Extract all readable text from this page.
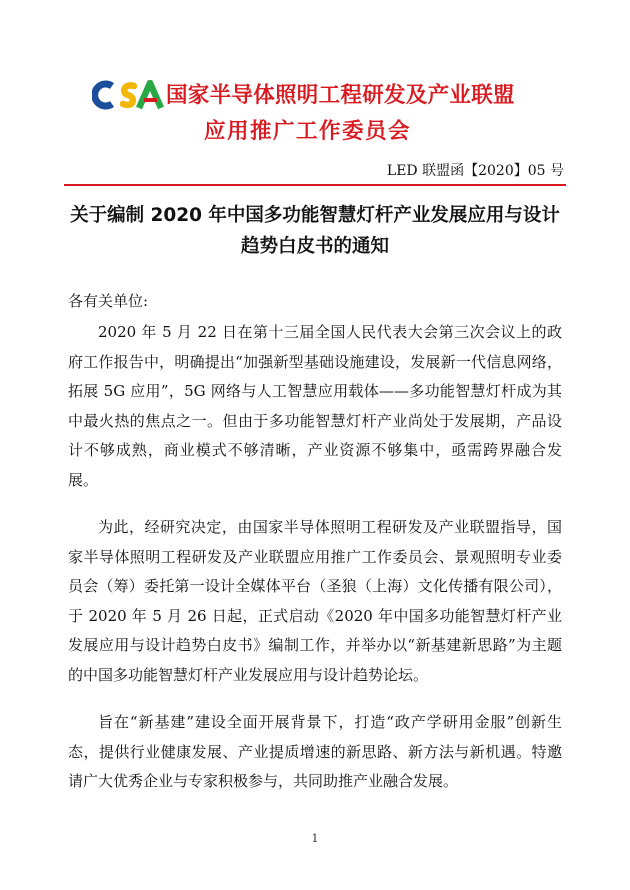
国家半导体照明工程研发及产业联盟
应用推广工作委员会
LED 联盟函【2020】05 号
关于编制 2020 年中国多功能智慧灯杆产业发展应用与设计
趋势白皮书的通知
各有关单位:
2020 年 5 月 22 日在第十三届全国人民代表大会第三次会议上的政府工作报告中，明确提出“加强新型基础设施建设，发展新一代信息网络，拓展 5G 应用”，5G 网络与人工智慧应用载体——多功能智慧灯杆成为其中最火热的焦点之一。但由于多功能智慧灯杆产业尚处于发展期，产品设计不够成熟，商业模式不够清晰，产业资源不够集中，亟需跨界融合发展。
为此，经研究决定，由国家半导体照明工程研发及产业联盟指导，国家半导体照明工程研发及产业联盟应用推广工作委员会、景观照明专业委员会（筹）委托第一设计全媒体平台（圣狼（上海）文化传播有限公司），于 2020 年 5 月 26 日起，正式启动《2020 年中国多功能智慧灯杆产业发展应用与设计趋势白皮书》编制工作，并举办以“新基建新思路”为主题的中国多功能智慧灯杆产业发展应用与设计趋势论坛。
旨在“新基建”建设全面开展背景下，打造“政产学研用金服”创新生态，提供行业健康发展、产业提质增速的新思路、新方法与新机遇。特邀请广大优秀企业与专家积极参与，共同助推产业融合发展。
1
